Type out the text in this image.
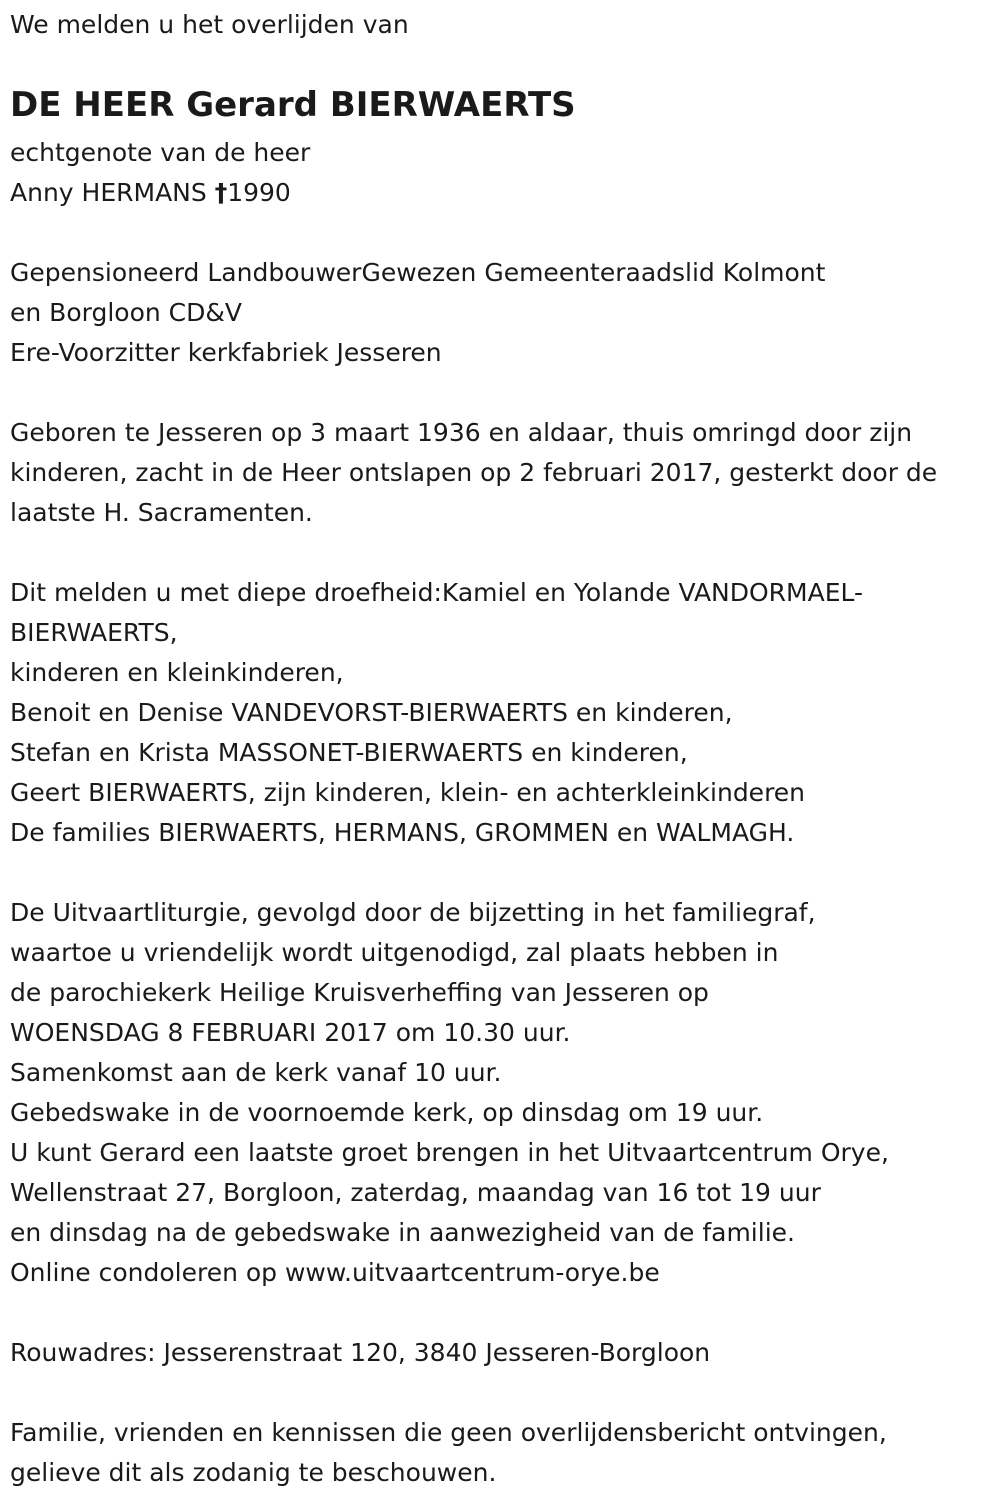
We melden u het overlijden van
DE HEER Gerard BIERWAERTS
echtgenote van de heer
Anny HERMANS †1990
Gepensioneerd LandbouwerGewezen Gemeenteraadslid Kolmont
en Borgloon CD&V
Ere-Voorzitter kerkfabriek Jesseren
Geboren te Jesseren op 3 maart 1936 en aldaar, thuis omringd door zijn
kinderen, zacht in de Heer ontslapen op 2 februari 2017, gesterkt door de
laatste H. Sacramenten.
Dit melden u met diepe droefheid:Kamiel en Yolande VANDORMAEL-
BIERWAERTS,
kinderen en kleinkinderen,
Benoit en Denise VANDEVORST-BIERWAERTS en kinderen,
Stefan en Krista MASSONET-BIERWAERTS en kinderen,
Geert BIERWAERTS, zijn kinderen, klein- en achterkleinkinderen
De families BIERWAERTS, HERMANS, GROMMEN en WALMAGH.
De Uitvaartliturgie, gevolgd door de bijzetting in het familiegraf,
waartoe u vriendelijk wordt uitgenodigd, zal plaats hebben in
de parochiekerk Heilige Kruisverheffing van Jesseren op
WOENSDAG 8 FEBRUARI 2017 om 10.30 uur.
Samenkomst aan de kerk vanaf 10 uur.
Gebedswake in de voornoemde kerk, op dinsdag om 19 uur.
U kunt Gerard een laatste groet brengen in het Uitvaartcentrum Orye,
Wellenstraat 27, Borgloon, zaterdag, maandag van 16 tot 19 uur
en dinsdag na de gebedswake in aanwezigheid van de familie.
Online condoleren op www.uitvaartcentrum-orye.be
Rouwadres: Jesserenstraat 120, 3840 Jesseren-Borgloon
Familie, vrienden en kennissen die geen overlijdensbericht ontvingen,
gelieve dit als zodanig te beschouwen.
